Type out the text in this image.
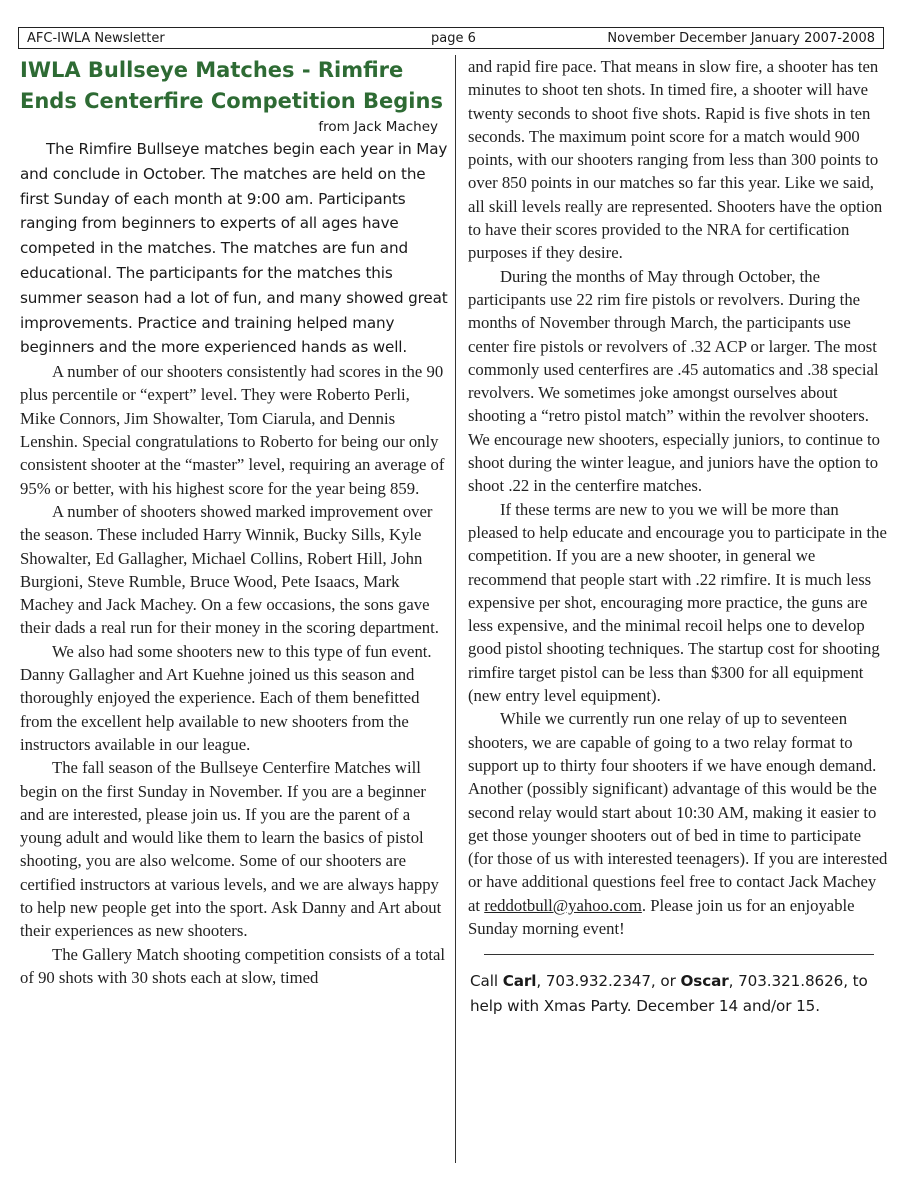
AFC-IWLA Newsletter	page 6	November December January 2007-2008
IWLA Bullseye Matches - Rimfire
Ends Centerfire Competition Begins

from Jack Machey

The Rimfire Bullseye matches begin each year in May and conclude in October. The matches are held on the first Sunday of each month at 9:00 am. Participants ranging from beginners to experts of all ages have competed in the matches. The matches are fun and educational. The participants for the matches this summer season had a lot of fun, and many showed great improvements. Practice and training helped many beginners and the more experienced hands as well.

A number of our shooters consistently had scores in the 90 plus percentile or “expert” level. They were Roberto Perli, Mike Connors, Jim Showalter, Tom Ciarula, and Dennis Lenshin. Special congratulations to Roberto for being our only consistent shooter at the “master” level, requiring an average of 95% or better, with his highest score for the year being 859.

A number of shooters showed marked improvement over the season. These included Harry Winnik, Bucky Sills, Kyle Showalter, Ed Gallagher, Michael Collins, Robert Hill, John Burgioni, Steve Rumble, Bruce Wood, Pete Isaacs, Mark Machey and Jack Machey. On a few occasions, the sons gave their dads a real run for their money in the scoring department.

We also had some shooters new to this type of fun event. Danny Gallagher and Art Kuehne joined us this season and thoroughly enjoyed the experience. Each of them benefitted from the excellent help available to new shooters from the instructors available in our league.

The fall season of the Bullseye Centerfire Matches will begin on the first Sunday in November. If you are a beginner and are interested, please join us. If you are the parent of a young adult and would like them to learn the basics of pistol shooting, you are also welcome. Some of our shooters are certified instructors at various levels, and we are always happy to help new people get into the sport. Ask Danny and Art about their experiences as new shooters.

The Gallery Match shooting competition consists of a total of 90 shots with 30 shots each at slow, timed

and rapid fire pace. That means in slow fire, a shooter has ten minutes to shoot ten shots. In timed fire, a shooter will have twenty seconds to shoot five shots. Rapid is five shots in ten seconds. The maximum point score for a match would 900 points, with our shooters ranging from less than 300 points to over 850 points in our matches so far this year. Like we said, all skill levels really are represented. Shooters have the option to have their scores provided to the NRA for certification purposes if they desire.

During the months of May through October, the participants use 22 rim fire pistols or revolvers. During the months of November through March, the participants use center fire pistols or revolvers of .32 ACP or larger. The most commonly used centerfires are .45 automatics and .38 special revolvers. We sometimes joke amongst ourselves about shooting a “retro pistol match” within the revolver shooters. We encourage new shooters, especially juniors, to continue to shoot during the winter league, and juniors have the option to shoot .22 in the centerfire matches.

If these terms are new to you we will be more than pleased to help educate and encourage you to participate in the competition. If you are a new shooter, in general we recommend that people start with .22 rimfire. It is much less expensive per shot, encouraging more practice, the guns are less expensive, and the minimal recoil helps one to develop good pistol shooting techniques. The startup cost for shooting rimfire target pistol can be less than $300 for all equipment (new entry level equipment).

While we currently run one relay of up to seventeen shooters, we are capable of going to a two relay format to support up to thirty four shooters if we have enough demand. Another (possibly significant) advantage of this would be the second relay would start about 10:30 AM, making it easier to get those younger shooters out of bed in time to participate (for those of us with interested teenagers). If you are interested or have additional questions feel free to contact Jack Machey at reddotbull@yahoo.com. Please join us for an enjoyable Sunday morning event!

Call Carl, 703.932.2347, or Oscar, 703.321.8626, to help with Xmas Party. December 14 and/or 15.
